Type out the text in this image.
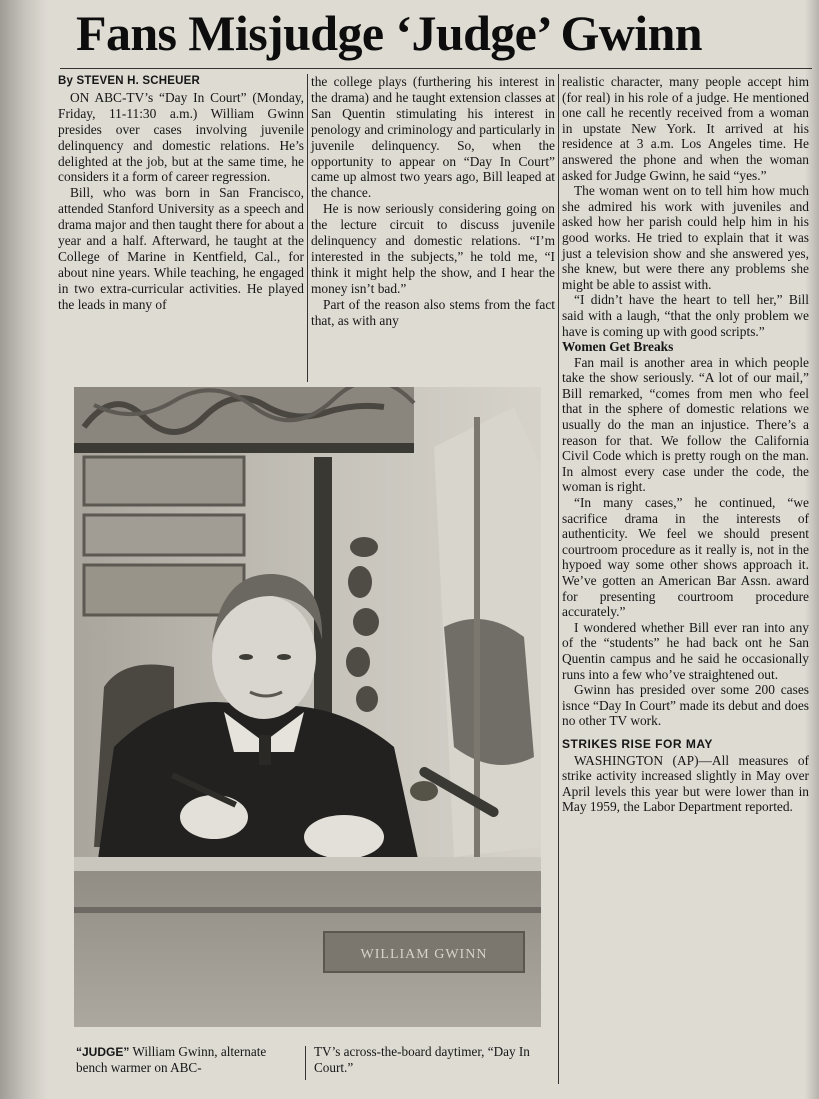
Fans Misjudge ‘Judge’ Gwinn

By STEVEN H. SCHEUER

ON ABC-TV’s “Day In Court” (Monday, Friday, 11-11:30 a.m.) William Gwinn presides over cases involving juvenile delinquency and domestic relations. He’s delighted at the job, but at the same time, he considers it a form of career regression.

Bill, who was born in San Francisco, attended Stanford University as a speech and drama major and then taught there for about a year and a half. Afterward, he taught at the College of Marine in Kentfield, Cal., for about nine years. While teaching, he engaged in two extra-curricular activities. He played the leads in many of

the college plays (furthering his interest in the drama) and he taught extension classes at San Quentin stimulating his interest in penology and criminology and particularly in juvenile delinquency. So, when the opportunity to appear on “Day In Court” came up almost two years ago, Bill leaped at the chance.

He is now seriously considering going on the lecture circuit to discuss juvenile delinquency and domestic relations. “I’m interested in the subjects,” he told me, “I think it might help the show, and I hear the money isn’t bad.”

Part of the reason also stems from the fact that, as with any

realistic character, many people accept him (for real) in his role of a judge. He mentioned one call he recently received from a woman in upstate New York. It arrived at his residence at 3 a.m. Los Angeles time. He answered the phone and when the woman asked for Judge Gwinn, he said “yes.”

The woman went on to tell him how much she admired his work with juveniles and asked how her parish could help him in his good works. He tried to explain that it was just a television show and she answered yes, she knew, but were there any problems she might be able to assist with.

“I didn’t have the heart to tell her,” Bill said with a laugh, “that the only problem we have is coming up with good scripts.”

Women Get Breaks

Fan mail is another area in which people take the show seriously. “A lot of our mail,” Bill remarked, “comes from men who feel that in the sphere of domestic relations we usually do the man an injustice. There’s a reason for that. We follow the California Civil Code which is pretty rough on the man. In almost every case under the code, the woman is right.

“In many cases,” he continued, “we sacrifice drama in the interests of authenticity. We feel we should present courtroom procedure as it really is, not in the hypoed way some other shows approach it. We’ve gotten an American Bar Assn. award for presenting courtroom procedure accurately.”

I wondered whether Bill ever ran into any of the “students” he had back ont he San Quentin campus and he said he occasionally runs into a few who’ve straightened out.

Gwinn has presided over some 200 cases isnce “Day In Court” made its debut and does no other TV work.

STRIKES RISE FOR MAY

WASHINGTON (AP)—All measures of strike activity increased slightly in May over April levels this year but were lower than in May 1959, the Labor Department reported.

WILLIAM GWINN
“JUDGE” William Gwinn, alternate bench warmer on ABC-
TV’s across-the-board daytimer, “Day In Court.”
